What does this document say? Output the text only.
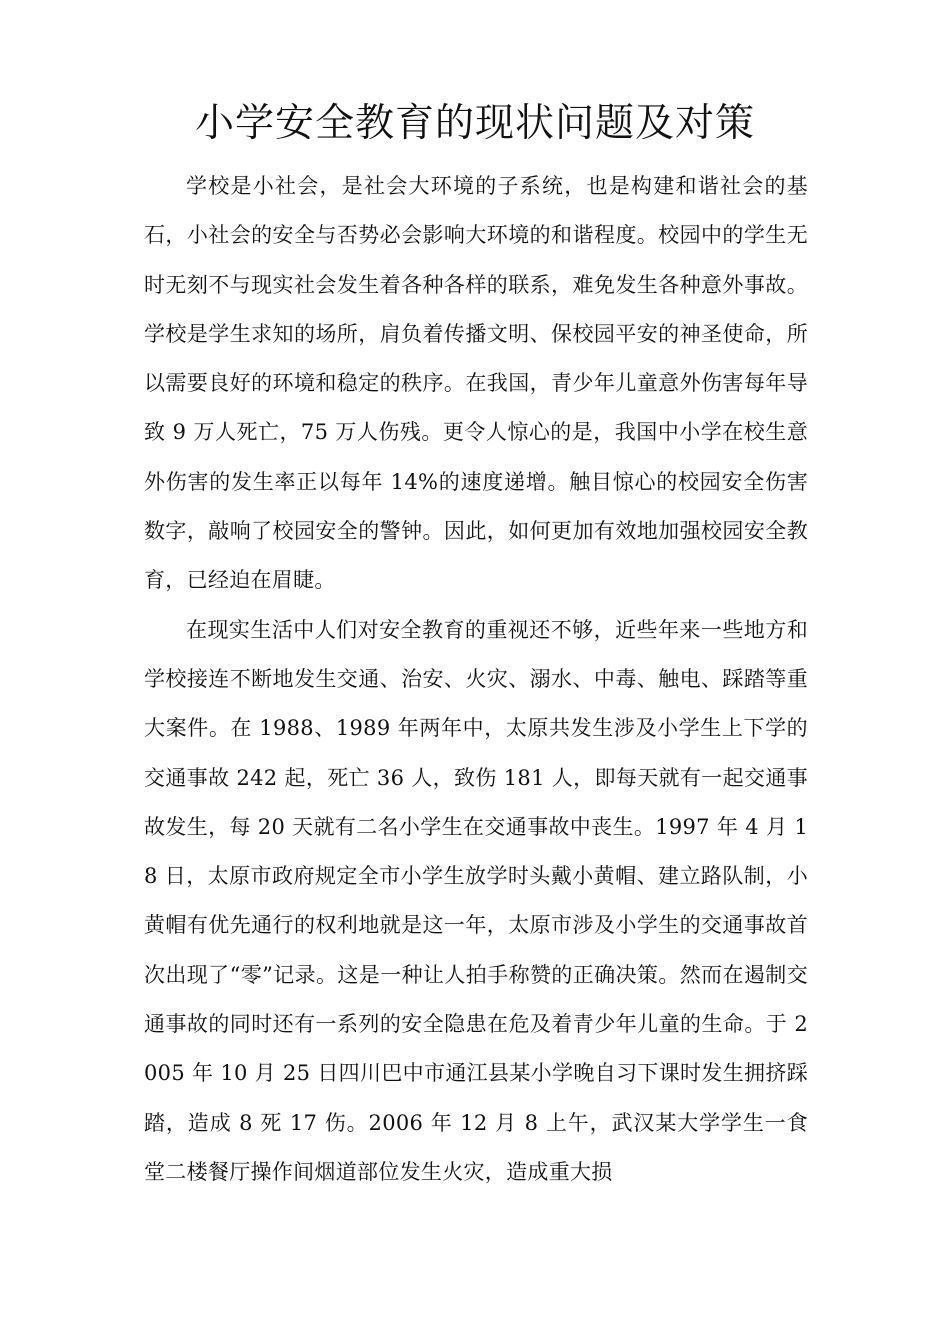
小学安全教育的现状问题及对策

学校是小社会，是社会大环境的子系统，也是构建和谐社会的基石，小社会的安全与否势必会影响大环境的和谐程度。校园中的学生无时无刻不与现实社会发生着各种各样的联系，难免发生各种意外事故。学校是学生求知的场所，肩负着传播文明、保校园平安的神圣使命，所以需要良好的环境和稳定的秩序。在我国，青少年儿童意外伤害每年导致 9 万人死亡，75 万人伤残。更令人惊心的是，我国中小学在校生意外伤害的发生率正以每年 14%的速度递增。触目惊心的校园安全伤害数字，敲响了校园安全的警钟。因此，如何更加有效地加强校园安全教育，已经迫在眉睫。

在现实生活中人们对安全教育的重视还不够，近些年来一些地方和学校接连不断地发生交通、治安、火灾、溺水、中毒、触电、踩踏等重大案件。在 1988、1989 年两年中，太原共发生涉及小学生上下学的交通事故 242 起，死亡 36 人，致伤 181 人，即每天就有一起交通事故发生，每 20 天就有二名小学生在交通事故中丧生。1997 年 4 月 18 日，太原市政府规定全市小学生放学时头戴小黄帽、建立路队制，小黄帽有优先通行的权利地就是这一年，太原市涉及小学生的交通事故首次出现了“零”记录。这是一种让人拍手称赞的正确决策。然而在遏制交通事故的同时还有一系列的安全隐患在危及着青少年儿童的生命。于 2005 年 10 月 25 日四川巴中市通江县某小学晚自习下课时发生拥挤踩踏，造成 8 死 17 伤。2006 年 12 月 8 上午，武汉某大学学生一食堂二楼餐厅操作间烟道部位发生火灾，造成重大损
